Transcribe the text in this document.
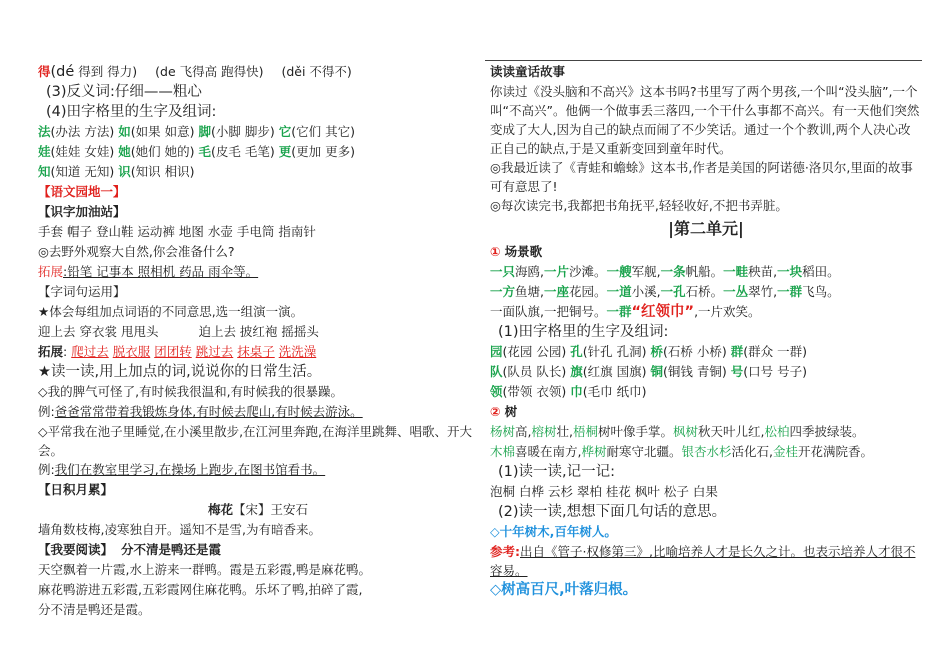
得(dé 得到 得力) (de 飞得高 跑得快) (děi 不得不)
(3)反义词:仔细——粗心
(4)田字格里的生字及组词:
法(办法 方法) 如(如果 如意) 脚(小脚 脚步) 它(它们 其它)
娃(娃娃 女娃) 她(她们 她的) 毛(皮毛 毛笔) 更(更加 更多)
知(知道 无知) 识(知识 相识)
【语文园地一】
【识字加油站】
手套 帽子 登山鞋 运动裤 地图 水壶 手电筒 指南针
◎去野外观察大自然,你会准备什么?
拓展:铅笔 记事本 照相机 药品 雨伞等。
【字词句运用】
★体会每组加点词语的不同意思,选一组演一演。
迎上去 穿衣裳 甩甩头	迫上去 披红袍 摇摇头
拓展: 爬过去 脱衣服 团团转 跳过去 抹桌子 洗洗澡
★读一读,用上加点的词,说说你的日常生活。
◇我的脾气可怪了,有时候我很温和,有时候我的很暴躁。
例:爸爸常常带着我锻炼身体,有时候去爬山,有时候去游泳。
◇平常我在池子里睡觉,在小溪里散步,在江河里奔跑,在海洋里跳舞、唱歌、开大会。
例:我们在教室里学习,在操场上跑步,在图书馆看书。
【日积月累】
梅花【宋】王安石
墙角数枝梅,凌寒独自开。遥知不是雪,为有暗香来。
【我要阅读】 分不清是鸭还是霞
天空飘着一片霞,水上游来一群鸭。霞是五彩霞,鸭是麻花鸭。
麻花鸭游进五彩霞,五彩霞网住麻花鸭。乐坏了鸭,拍碎了霞,
分不清是鸭还是霞。
读读童话故事
你读过《没头脑和不高兴》这本书吗?书里写了两个男孩,一个叫“没头脑”,一个叫“不高兴”。他俩一个做事丢三落四,一个干什么事都不高兴。有一天他们突然变成了大人,因为自己的缺点而闹了不少笑话。通过一个个教训,两个人决心改正自己的缺点,于是又重新变回到童年时代。
◎我最近读了《青蛙和蟾蜍》这本书,作者是美国的阿诺德·洛贝尔,里面的故事可有意思了!
◎每次读完书,我都把书角抚平,轻轻收好,不把书弄脏。
|第二单元|
① 场景歌
一只海鸥,一片沙滩。一艘军舰,一条帆船。一畦秧苗,一块稻田。
一方鱼塘,一座花园。一道小溪,一孔石桥。一丛翠竹,一群飞鸟。
一面队旗,一把铜号。一群“红领巾”,一片欢笑。
(1)田字格里的生字及组词:
园(花园 公园) 孔(针孔 孔洞) 桥(石桥 小桥) 群(群众 一群)
队(队员 队长) 旗(红旗 国旗) 铜(铜钱 青铜) 号(口号 号子)
领(带领 衣领) 巾(毛巾 纸巾)
② 树
杨树高,榕树壮,梧桐树叶像手掌。枫树秋天叶儿红,松柏四季披绿装。
木棉喜暖在南方,桦树耐寒守北疆。银杏水杉活化石,金桂开花满院香。
(1)读一读,记一记:
泡桐 白桦 云杉 翠柏 桂花 枫叶 松子 白果
(2)读一读,想想下面几句话的意思。
◇十年树木,百年树人。
参考:出自《管子·权修第三》,比喻培养人才是长久之计。也表示培养人才很不容易。
◇树高百尺,叶落归根。
